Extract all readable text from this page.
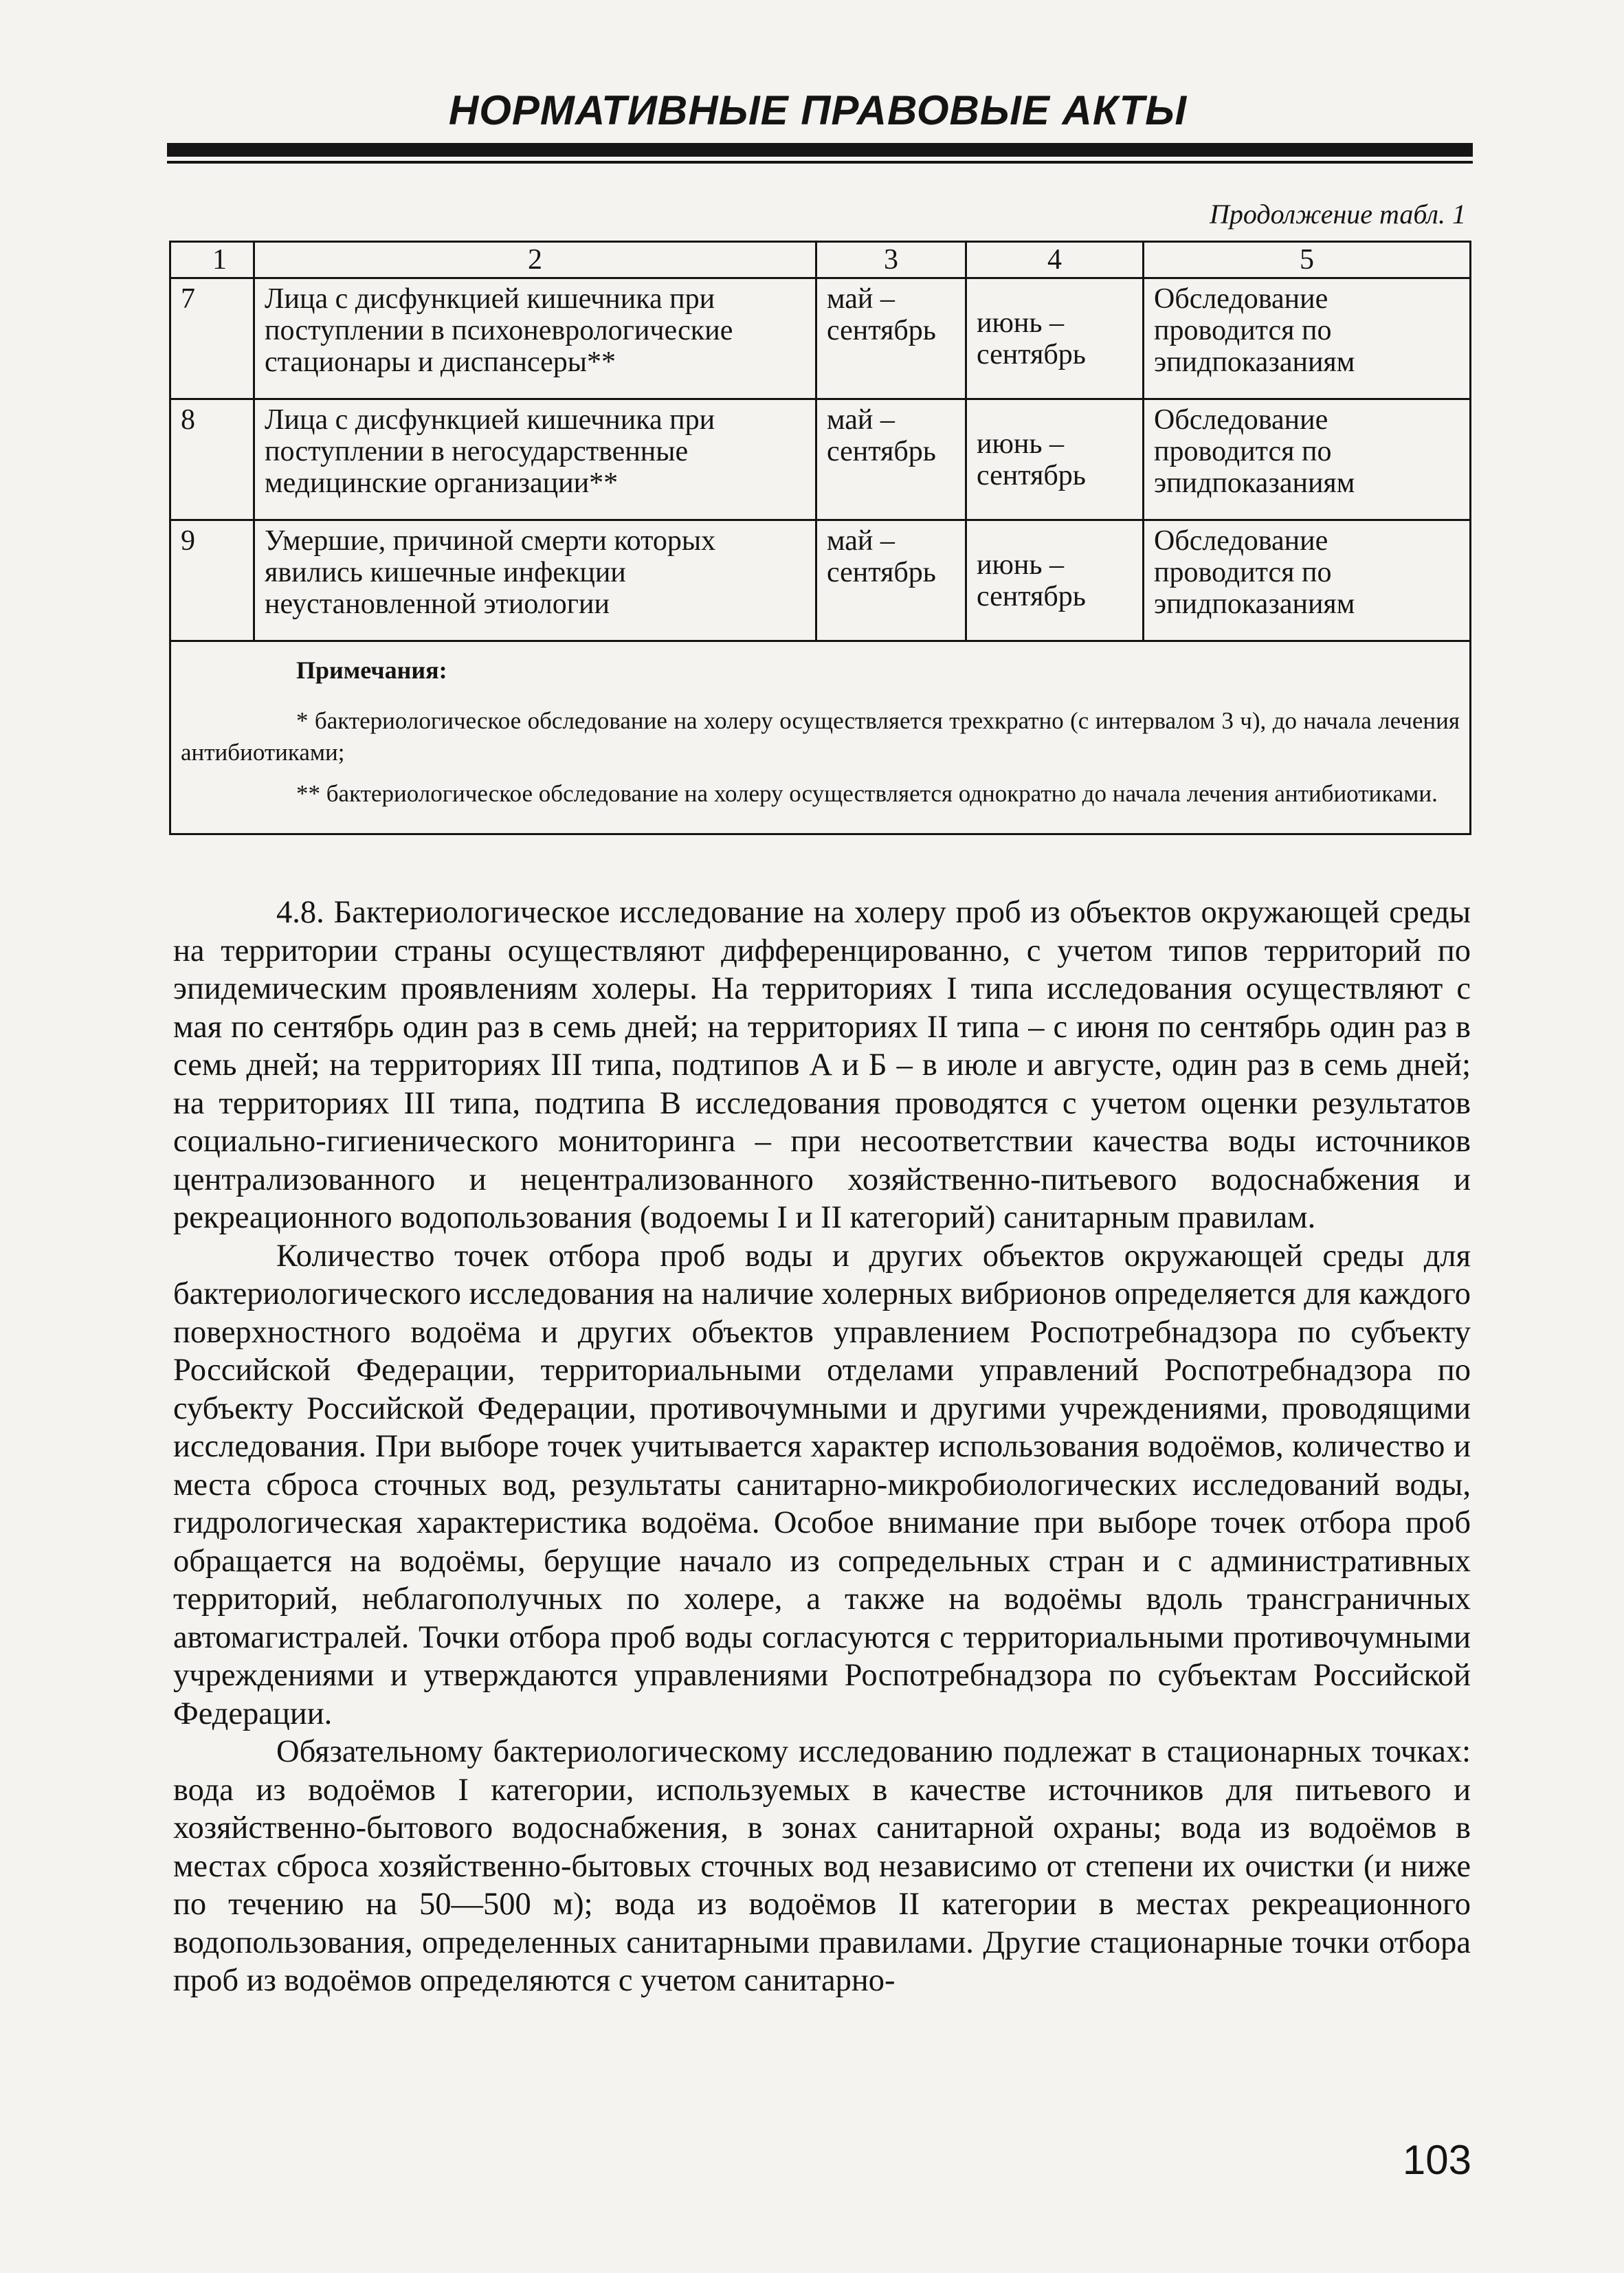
НОРМАТИВНЫЕ ПРАВОВЫЕ АКТЫ
Продолжение табл. 1
1	2	3	4	5
7	Лица с дисфункцией кишечника при поступлении в психоневрологические стационары и диспансеры**	май – сентябрь	июнь – сентябрь	Обследование проводится по эпидпоказаниям
8	Лица с дисфункцией кишечника при поступлении в негосударственные медицинские организации**	май – сентябрь	июнь – сентябрь	Обследование проводится по эпидпоказаниям
9	Умершие, причиной смерти которых явились кишечные инфекции неустановленной этиологии	май – сентябрь	июнь – сентябрь	Обследование проводится по эпидпоказаниям

Примечания:

* бактериологическое обследование на холеру осуществляется трехкратно (с интервалом 3 ч), до начала лечения антибиотиками;

** бактериологическое обследование на холеру осуществляется однократно до начала лечения антибиотиками.				

4.8. Бактериологическое исследование на холеру проб из объектов окружающей среды на территории страны осуществляют дифференцированно, с учетом типов территорий по эпидемическим проявлениям холеры. На территориях I типа исследования осуществляют с мая по сентябрь один раз в семь дней; на территориях II типа – с июня по сентябрь один раз в семь дней; на территориях III типа, подтипов А и Б – в июле и августе, один раз в семь дней; на территориях III типа, подтипа В исследования проводятся с учетом оценки результатов социально-гигиенического мониторинга – при несоответствии качества воды источников централизованного и нецентрализованного хозяйственно-питьевого водоснабжения и рекреационного водопользования (водоемы I и II категорий) санитарным правилам.

Количество точек отбора проб воды и других объектов окружающей среды для бактериологического исследования на наличие холерных вибрионов определяется для каждого поверхностного водоёма и других объектов управлением Роспотребнадзора по субъекту Российской Федерации, территориальными отделами управлений Роспотребнадзора по субъекту Российской Федерации, противочумными и другими учреждениями, проводящими исследования. При выборе точек учитывается характер использования водоёмов, количество и места сброса сточных вод, результаты санитарно-микробиологических исследований воды, гидрологическая характеристика водоёма. Особое внимание при выборе точек отбора проб обращается на водоёмы, берущие начало из сопредельных стран и с административных территорий, неблагополучных по холере, а также на водоёмы вдоль трансграничных автомагистралей. Точки отбора проб воды согласуются с территориальными противочумными учреждениями и утверждаются управлениями Роспотребнадзора по субъектам Российской Федерации.

Обязательному бактериологическому исследованию подлежат в стационарных точках: вода из водоёмов I категории, используемых в качестве источников для питьевого и хозяйственно-бытового водоснабжения, в зонах санитарной охраны; вода из водоёмов в местах сброса хозяйственно-бытовых сточных вод независимо от степени их очистки (и ниже по течению на 50—500 м); вода из водоёмов II категории в местах рекреационного водопользования, определенных санитарными правилами. Другие стационарные точки отбора проб из водоёмов определяются с учетом санитарно-

103
